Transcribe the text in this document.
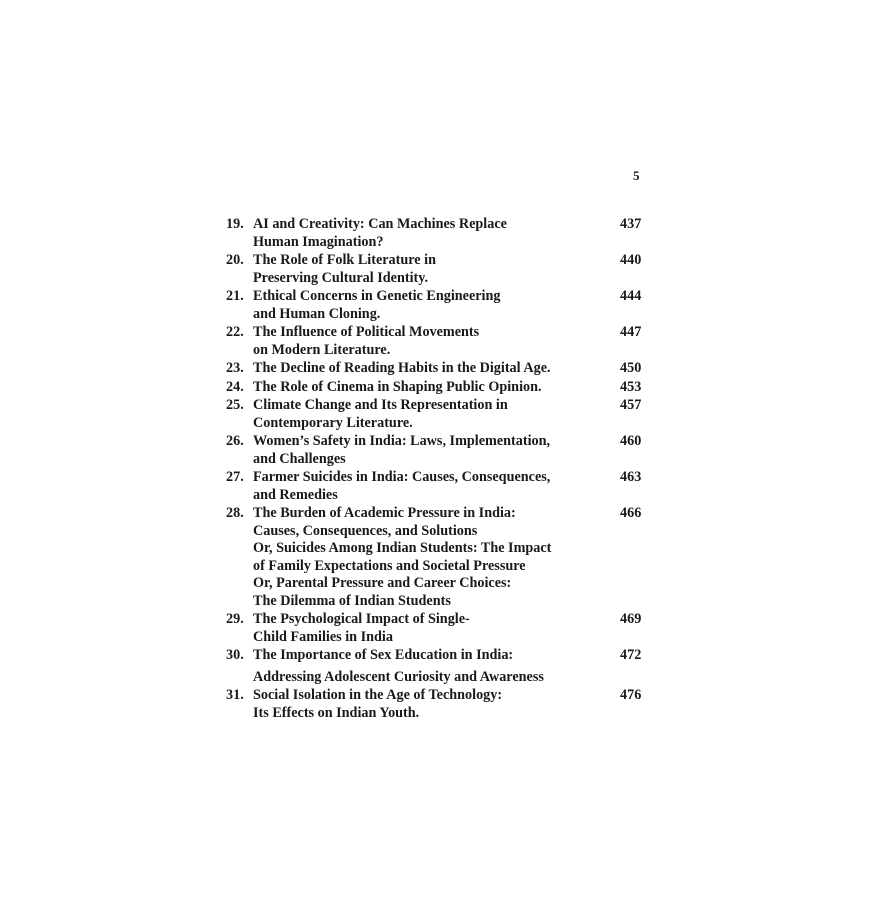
5
19. AI and Creativity: Can Machines Replace
Human Imagination?
437
20. The Role of Folk Literature in
Preserving Cultural Identity.
440
21. Ethical Concerns in Genetic Engineering
and Human Cloning.
444
22. The Influence of Political Movements
on Modern Literature.
447
23. The Decline of Reading Habits in the Digital Age.	450
24. The Role of Cinema in Shaping Public Opinion.	453
25. Climate Change and Its Representation in
Contemporary Literature.
457
26. Women’s Safety in India: Laws, Implementation,
and Challenges
460
27. Farmer Suicides in India: Causes, Consequences,
and Remedies
463
28. The Burden of Academic Pressure in India:
Causes, Consequences, and Solutions
Or, Suicides Among Indian Students: The Impact
of Family Expectations and Societal Pressure
Or, Parental Pressure and Career Choices:
The Dilemma of Indian Students
466
29. The Psychological Impact of Single-
Child Families in India
469
30. The Importance of Sex Education in India:
Addressing Adolescent Curiosity and Awareness
472
31. Social Isolation in the Age of Technology:
Its Effects on Indian Youth.
476
